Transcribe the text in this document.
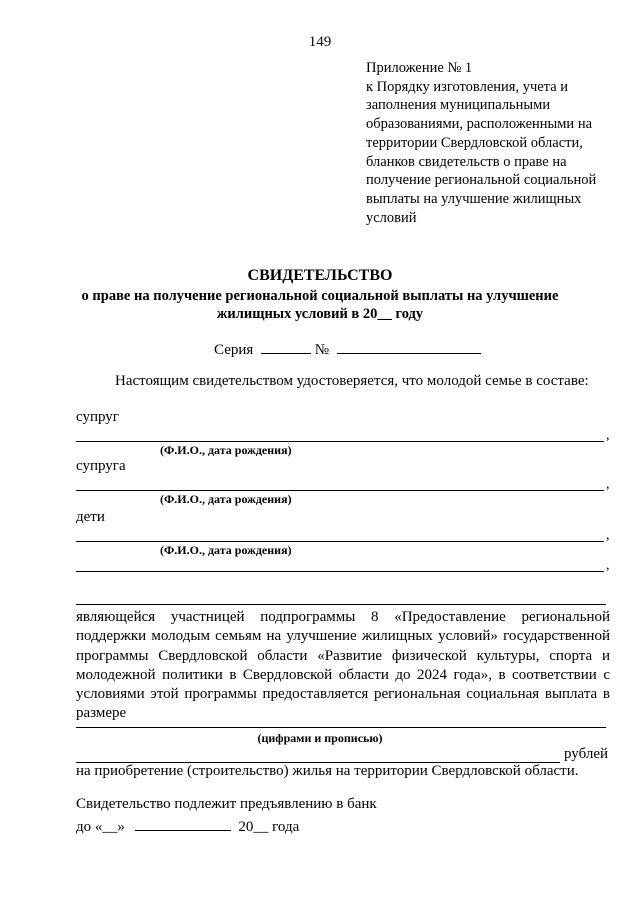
149
Приложение № 1
к Порядку изготовления, учета и
заполнения муниципальными
образованиями, расположенными на
территории Свердловской области,
бланков свидетельств о праве на
получение региональной социальной
выплаты на улучшение жилищных
условий
СВИДЕТЕЛЬСТВО
о праве на получение региональной социальной выплаты на улучшение
жилищных условий в 20__ году
Серия	№
Настоящим свидетельством удостоверяется, что молодой семье в составе:
супруг
,
(Ф.И.О., дата рождения)
супруга
,
(Ф.И.О., дата рождения)
дети
,
(Ф.И.О., дата рождения)
,
являющейся участницей подпрограммы 8 «Предоставление региональной поддержки молодым семьям на улучшение жилищных условий» государственной программы Свердловской области «Развитие физической культуры, спорта и молодежной политики в Свердловской области до 2024 года», в соответствии с условиями этой программы предоставляется региональная социальная выплата в размере
(цифрами и прописью)
рублей
на приобретение (строительство) жилья на территории Свердловской области.
Свидетельство подлежит предъявлению в банк
до «__»	20__ года
